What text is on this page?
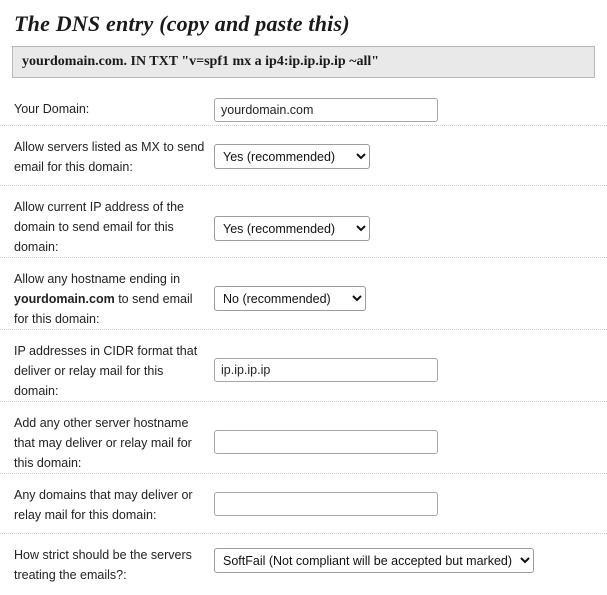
The DNS entry (copy and paste this)
yourdomain.com. IN TXT "v=spf1 mx a ip4:ip.ip.ip.ip ~all"
Your Domain:
yourdomain.com
Allow servers listed as MX to send email for this domain:
Yes (recommended)
Allow current IP address of the domain to send email for this domain:
Yes (recommended)
Allow any hostname ending in yourdomain.com to send email for this domain:
No (recommended)
IP addresses in CIDR format that deliver or relay mail for this domain:
ip.ip.ip.ip
Add any other server hostname that may deliver or relay mail for this domain:
Any domains that may deliver or relay mail for this domain:
How strict should be the servers treating the emails?:
SoftFail (Not compliant will be accepted but marked)
